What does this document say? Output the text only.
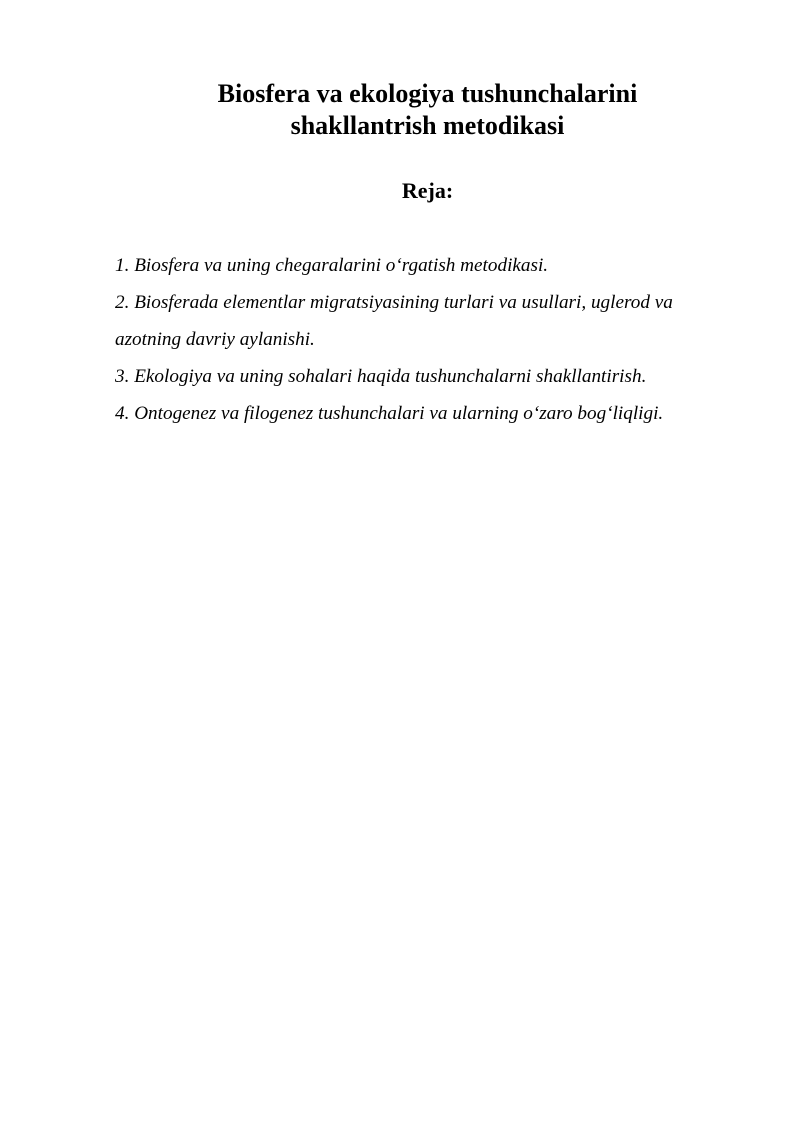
Biosfera va ekologiya tushunchalarini
shakllantrish metodikasi
Reja:
1. Biosfera va uning chegaralarini o‘rgatish metodikasi.
2. Biosferada elementlar migratsiyasining turlari va usullari, uglerod va azotning davriy aylanishi.
3. Ekologiya va uning sohalari haqida tushunchalarni shakllantirish.
4. Ontogenez va filogenez tushunchalari va ularning o‘zaro bog‘liqligi.
